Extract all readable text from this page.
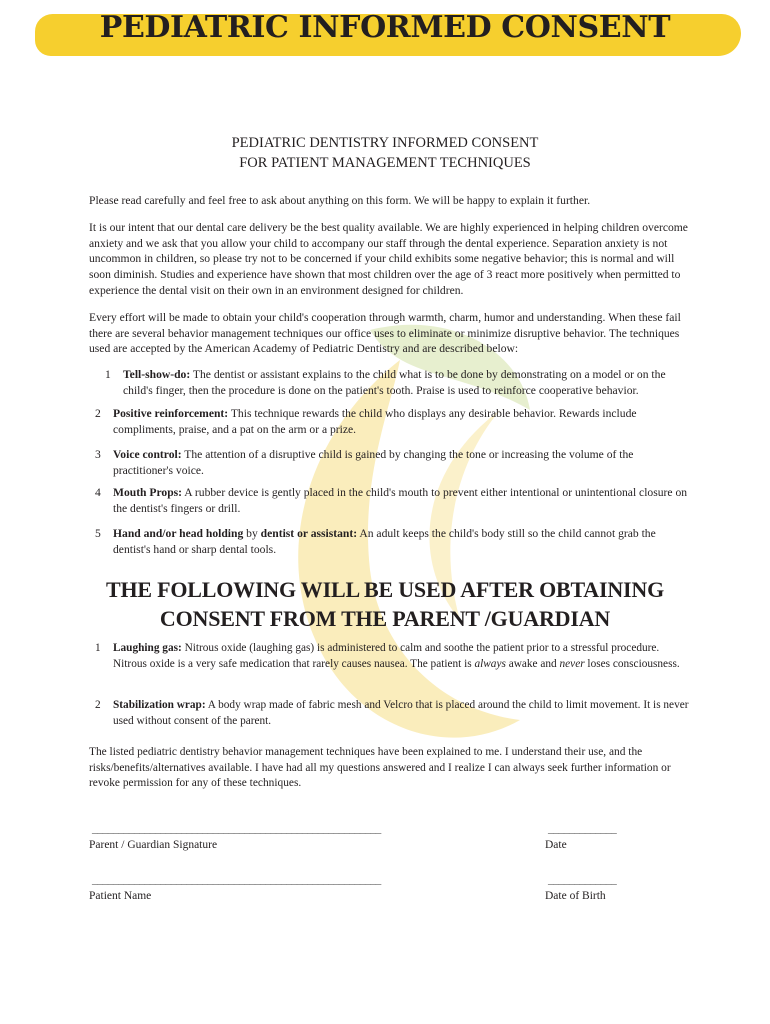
PEDIATRIC INFORMED CONSENT
PEDIATRIC DENTISTRY INFORMED CONSENT
FOR PATIENT MANAGEMENT TECHNIQUES
Please read carefully and feel free to ask about anything on this form. We will be happy to explain it further.
It is our intent that our dental care delivery be the best quality available. We are highly experienced in helping children overcome anxiety and we ask that you allow your child to accompany our staff through the dental experience. Separation anxiety is not uncommon in children, so please try not to be concerned if your child exhibits some negative behavior; this is normal and will soon diminish. Studies and experience have shown that most children over the age of 3 react more positively when permitted to experience the dental visit on their own in an environment designed for children.
Every effort will be made to obtain your child's cooperation through warmth, charm, humor and understanding. When these fail there are several behavior management techniques our office uses to eliminate or minimize disruptive behavior. The techniques used are accepted by the American Academy of Pediatric Dentistry and are described below:
1 Tell-show-do: The dentist or assistant explains to the child what is to be done by demonstrating on a model or on the child's finger, then the procedure is done on the patient's tooth. Praise is used to reinforce cooperative behavior.
2 Positive reinforcement: This technique rewards the child who displays any desirable behavior. Rewards include compliments, praise, and a pat on the arm or a prize.
3 Voice control: The attention of a disruptive child is gained by changing the tone or increasing the volume of the practitioner's voice.
4 Mouth Props: A rubber device is gently placed in the child's mouth to prevent either intentional or unintentional closure on the dentist's fingers or drill.
5 Hand and/or head holding by dentist or assistant: An adult keeps the child's body still so the child cannot grab the dentist's hand or sharp dental tools.
THE FOLLOWING WILL BE USED AFTER OBTAINING
CONSENT FROM THE PARENT /GUARDIAN
1 Laughing gas: Nitrous oxide (laughing gas) is administered to calm and soothe the patient prior to a stressful procedure. Nitrous oxide is a very safe medication that rarely causes nausea. The patient is always awake and never loses consciousness.
2 Stabilization wrap: A body wrap made of fabric mesh and Velcro that is placed around the child to limit movement. It is never used without consent of the parent.
The listed pediatric dentistry behavior management techniques have been explained to me. I understand their use, and the risks/benefits/alternatives available. I have had all my questions answered and I realize I can always seek further information or revoke permission for any of these techniques.
_______________________________________________________	_____________
Parent / Guardian Signature	Date
_______________________________________________________	_____________
Patient Name	Date of Birth
